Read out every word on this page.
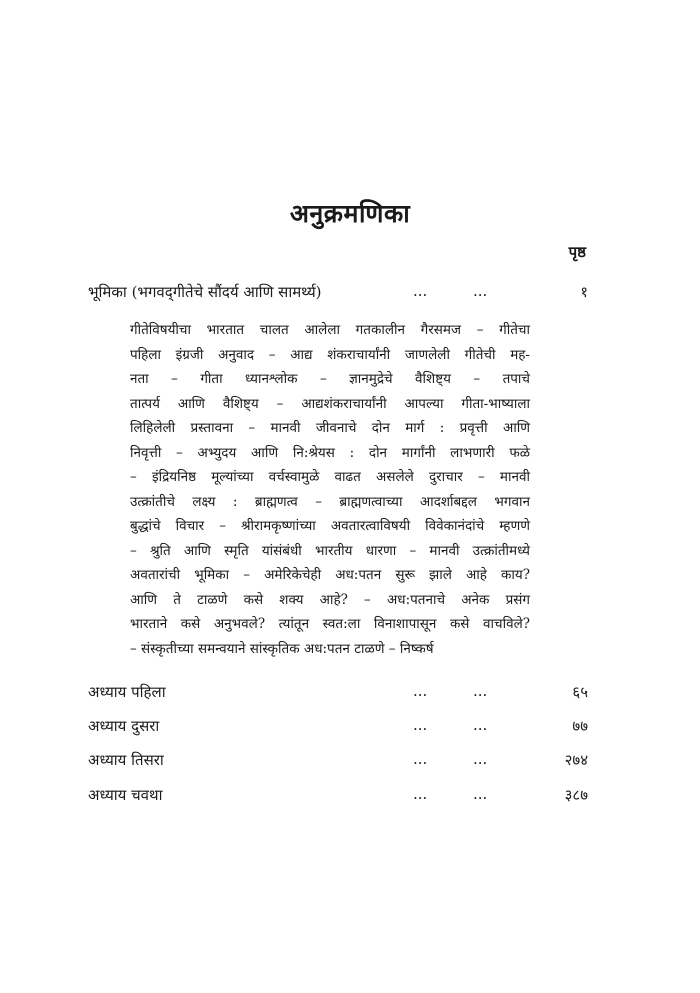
अनुक्रमणिका
पृष्ठ
भूमिका (भगवद्‌गीतेचे सौंदर्य आणि सामर्थ्य)	...	...	१
गीतेविषयीचा भारतात चालत आलेला गतकालीन गैरसमज – गीतेचा
पहिला इंग्रजी अनुवाद – आद्य शंकराचार्यांनी जाणलेली गीतेची मह-
नता – गीता ध्यानश्लोक – ज्ञानमुद्रेचे वैशिष्ट्य – तपाचे
तात्पर्य आणि वैशिष्ट्य – आद्यशंकराचार्यांनी आपल्या गीता-भाष्याला
लिहिलेली प्रस्तावना – मानवी जीवनाचे दोन मार्ग : प्रवृत्ती आणि
निवृत्ती – अभ्युदय आणि नि:श्रेयस : दोन मार्गांनी लाभणारी फळे
– इंद्रियनिष्ठ मूल्यांच्या वर्चस्वामुळे वाढत असलेले दुराचार – मानवी
उत्क्रांतीचे लक्ष्य : ब्राह्मणत्व – ब्राह्मणत्वाच्या आदर्शाबद्दल भगवान
बुद्धांचे विचार – श्रीरामकृष्णांच्या अवतारत्वाविषयी विवेकानंदांचे म्हणणे
– श्रुति आणि स्मृति यांसंबंधी भारतीय धारणा – मानवी उत्क्रांतीमध्ये
अवतारांची भूमिका – अमेरिकेचेही अध:पतन सुरू झाले आहे काय?
आणि ते टाळणे कसे शक्य आहे? – अध:पतनाचे अनेक प्रसंग
भारताने कसे अनुभवले? त्यांतून स्वत:ला विनाशापासून कसे वाचविले?
– संस्कृतीच्या समन्वयाने सांस्कृतिक अध:पतन टाळणे – निष्कर्ष
अध्याय पहिला	...	...	६५
अध्याय दुसरा	...	...	७७
अध्याय तिसरा	...	...	२७४
अध्याय चवथा	...	...	३८७
